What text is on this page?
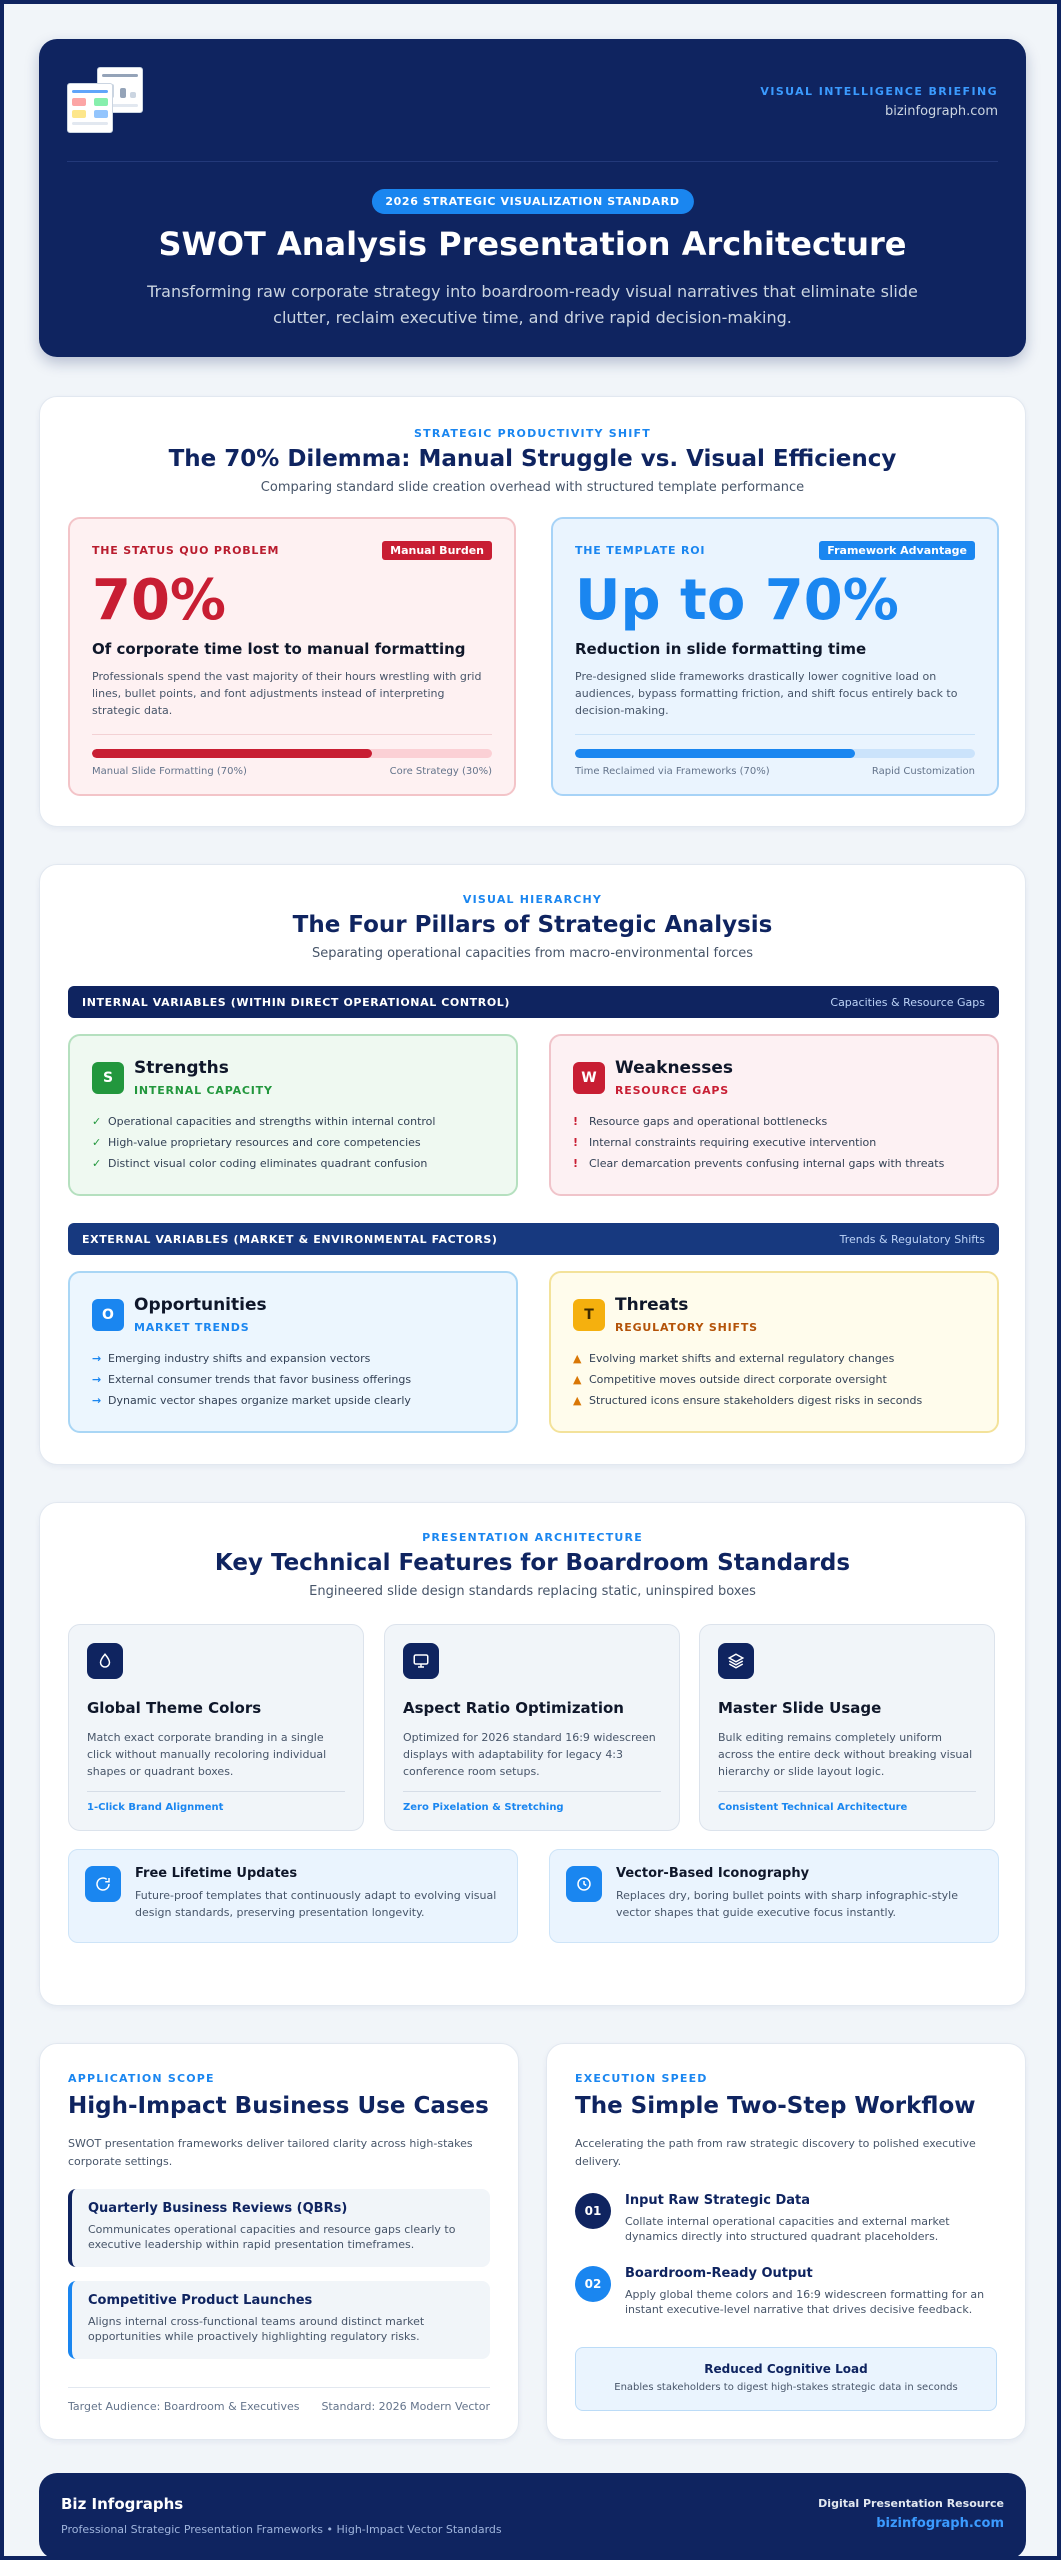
VISUAL INTELLIGENCE BRIEFING
bizinfograph.com
2026 STRATEGIC VISUALIZATION STANDARD
SWOT Analysis Presentation Architecture
Transforming raw corporate strategy into boardroom-ready visual narratives that eliminate slide clutter, reclaim executive time, and drive rapid decision-making.
STRATEGIC PRODUCTIVITY SHIFT
The 70% Dilemma: Manual Struggle vs. Visual Efficiency
Comparing standard slide creation overhead with structured template performance
THE STATUS QUO PROBLEM	Manual Burden
70%
Of corporate time lost to manual formatting
Professionals spend the vast majority of their hours wrestling with grid lines, bullet points, and font adjustments instead of interpreting strategic data.
Manual Slide Formatting (70%)	Core Strategy (30%)
THE TEMPLATE ROI	Framework Advantage
Up to 70%
Reduction in slide formatting time
Pre-designed slide frameworks drastically lower cognitive load on audiences, bypass formatting friction, and shift focus entirely back to decision-making.
Time Reclaimed via Frameworks (70%)	Rapid Customization
VISUAL HIERARCHY
The Four Pillars of Strategic Analysis
Separating operational capacities from macro-environmental forces
INTERNAL VARIABLES (WITHIN DIRECT OPERATIONAL CONTROL)	Capacities & Resource Gaps
S	Strengths
INTERNAL CAPACITY
✓ Operational capacities and strengths within internal control
✓ High-value proprietary resources and core competencies
✓ Distinct visual color coding eliminates quadrant confusion
W	Weaknesses
RESOURCE GAPS
! Resource gaps and operational bottlenecks
! Internal constraints requiring executive intervention
! Clear demarcation prevents confusing internal gaps with threats
EXTERNAL VARIABLES (MARKET & ENVIRONMENTAL FACTORS)	Trends & Regulatory Shifts
O	Opportunities
MARKET TRENDS
→ Emerging industry shifts and expansion vectors
→ External consumer trends that favor business offerings
→ Dynamic vector shapes organize market upside clearly
T	Threats
REGULATORY SHIFTS
▲ Evolving market shifts and external regulatory changes
▲ Competitive moves outside direct corporate oversight
▲ Structured icons ensure stakeholders digest risks in seconds
PRESENTATION ARCHITECTURE
Key Technical Features for Boardroom Standards
Engineered slide design standards replacing static, uninspired boxes
Global Theme Colors
Match exact corporate branding in a single click without manually recoloring individual shapes or quadrant boxes.
1-Click Brand Alignment
Aspect Ratio Optimization
Optimized for 2026 standard 16:9 widescreen displays with adaptability for legacy 4:3 conference room setups.
Zero Pixelation & Stretching
Master Slide Usage
Bulk editing remains completely uniform across the entire deck without breaking visual hierarchy or slide layout logic.
Consistent Technical Architecture
Free Lifetime Updates
Future-proof templates that continuously adapt to evolving visual design standards, preserving presentation longevity.
Vector-Based Iconography
Replaces dry, boring bullet points with sharp infographic-style vector shapes that guide executive focus instantly.
APPLICATION SCOPE
High-Impact Business Use Cases
SWOT presentation frameworks deliver tailored clarity across high-stakes corporate settings.
Quarterly Business Reviews (QBRs)
Communicates operational capacities and resource gaps clearly to executive leadership within rapid presentation timeframes.
Competitive Product Launches
Aligns internal cross-functional teams around distinct market opportunities while proactively highlighting regulatory risks.
Target Audience: Boardroom & Executives Standard: 2026 Modern Vector
EXECUTION SPEED
The Simple Two-Step Workflow
Accelerating the path from raw strategic discovery to polished executive delivery.
01
Input Raw Strategic Data
Collate internal operational capacities and external market dynamics directly into structured quadrant placeholders.
02
Boardroom-Ready Output
Apply global theme colors and 16:9 widescreen formatting for an instant executive-level narrative that drives decisive feedback.
Reduced Cognitive Load
Enables stakeholders to digest high-stakes strategic data in seconds
Biz Infographs
Professional Strategic Presentation Frameworks • High-Impact Vector Standards
Digital Presentation Resource
bizinfograph.com
